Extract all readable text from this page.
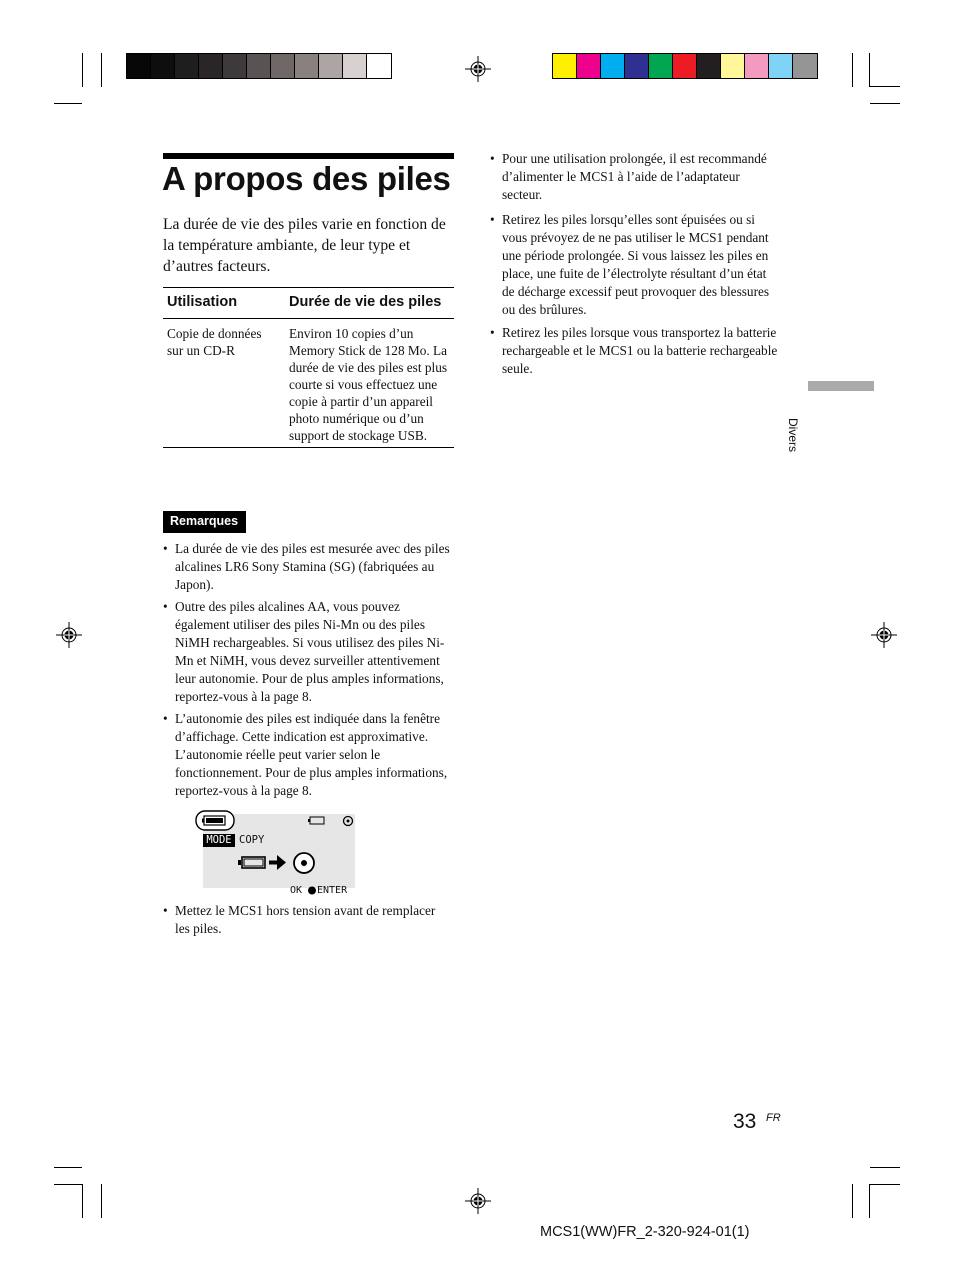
A propos des piles
La durée de vie des piles varie en fonction de la température ambiante, de leur type et d’autres facteurs.
Utilisation	Durée de vie des piles
Copie de données sur un CD-R	Environ 10 copies d’un Memory Stick de 128 Mo. La durée de vie des piles est plus courte si vous effectuez une copie à partir d’un appareil photo numérique ou d’un support de stockage USB.
Remarques
• La durée de vie des piles est mesurée avec des piles alcalines LR6 Sony Stamina (SG) (fabriquées au Japon).
• Outre des piles alcalines AA, vous pouvez également utiliser des piles Ni-Mn ou des piles NiMH rechargeables. Si vous utilisez des piles Ni-Mn et NiMH, vous devez surveiller attentivement leur autonomie. Pour de plus amples informations, reportez-vous à la page 8.
• L’autonomie des piles est indiquée dans la fenêtre d’affichage. Cette indication est approximative. L’autonomie réelle peut varier selon le fonctionnement. Pour de plus amples informations, reportez-vous à la page 8.
MODE COPY
OK ENTER
• Mettez le MCS1 hors tension avant de remplacer les piles.
• Pour une utilisation prolongée, il est recommandé d’alimenter le MCS1 à l’aide de l’adaptateur secteur.
• Retirez les piles lorsqu’elles sont épuisées ou si vous prévoyez de ne pas utiliser le MCS1 pendant une période prolongée. Si vous laissez les piles en place, une fuite de l’électrolyte résultant d’un état de décharge excessif peut provoquer des blessures ou des brûlures.
• Retirez les piles lorsque vous transportez la batterie rechargeable et le MCS1 ou la batterie rechargeable seule.
Divers
33 FR
MCS1(WW)FR_2-320-924-01(1)
